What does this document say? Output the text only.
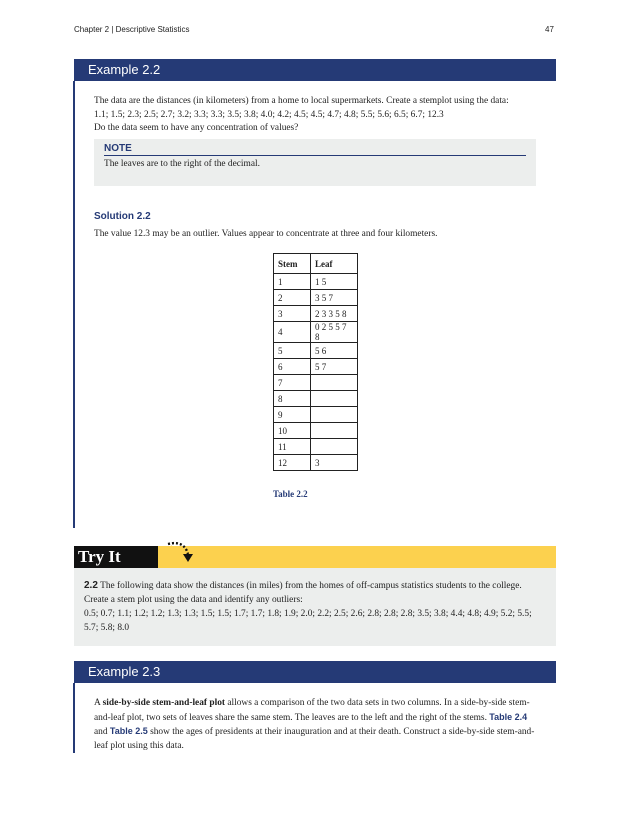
Chapter 2 | Descriptive Statistics	47
Example 2.2
The data are the distances (in kilometers) from a home to local supermarkets. Create a stemplot using the data:
1.1; 1.5; 2.3; 2.5; 2.7; 3.2; 3.3; 3.3; 3.5; 3.8; 4.0; 4.2; 4.5; 4.5; 4.7; 4.8; 5.5; 5.6; 6.5; 6.7; 12.3
Do the data seem to have any concentration of values?
NOTE
The leaves are to the right of the decimal.
Solution 2.2
The value 12.3 may be an outlier. Values appear to concentrate at three and four kilometers.
Stem	Leaf
1	1 5
2	3 5 7
3	2 3 3 5 8
4	0 2 5 5 7 8
5	5 6
6	5 7
7	
8	
9	
10	
11	
12	3
Table 2.2
Try It
2.2 The following data show the distances (in miles) from the homes of off-campus statistics students to the college. Create a stem plot using the data and identify any outliers:
0.5; 0.7; 1.1; 1.2; 1.2; 1.3; 1.3; 1.5; 1.5; 1.7; 1.7; 1.8; 1.9; 2.0; 2.2; 2.5; 2.6; 2.8; 2.8; 2.8; 3.5; 3.8; 4.4; 4.8; 4.9; 5.2; 5.5; 5.7; 5.8; 8.0
Example 2.3
A side-by-side stem-and-leaf plot allows a comparison of the two data sets in two columns. In a side-by-side stem-and-leaf plot, two sets of leaves share the same stem. The leaves are to the left and the right of the stems. Table 2.4 and Table 2.5 show the ages of presidents at their inauguration and at their death. Construct a side-by-side stem-and-leaf plot using this data.
